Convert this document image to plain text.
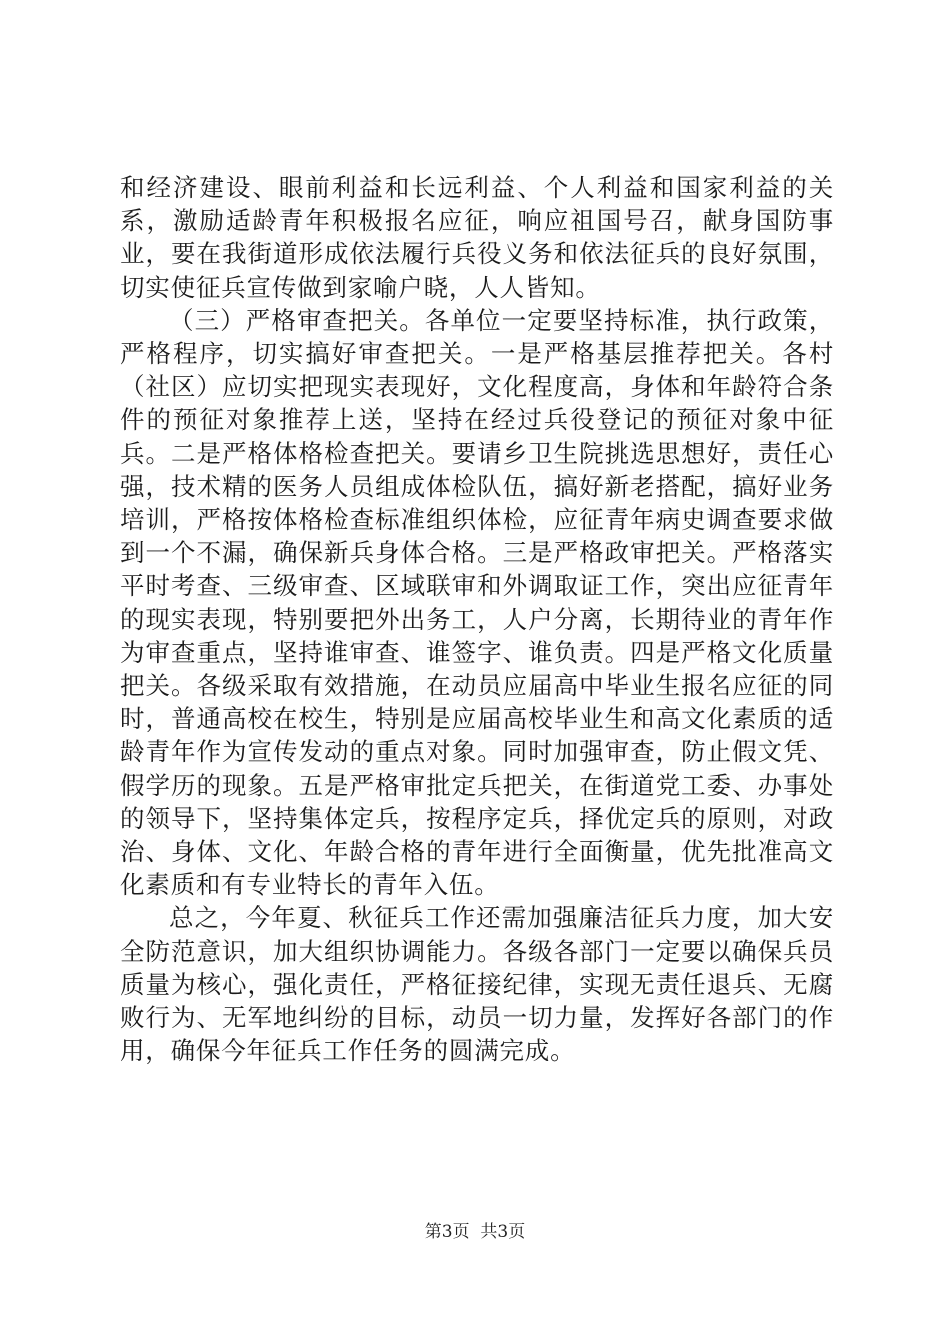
和经济建设、眼前利益和长远利益、个人利益和国家利益的关系，激励适龄青年积极报名应征，响应祖国号召，献身国防事业，要在我街道形成依法履行兵役义务和依法征兵的良好氛围，切实使征兵宣传做到家喻户晓，人人皆知。

（三）严格审查把关。各单位一定要坚持标准，执行政策，严格程序，切实搞好审查把关。一是严格基层推荐把关。各村（社区）应切实把现实表现好，文化程度高，身体和年龄符合条件的预征对象推荐上送，坚持在经过兵役登记的预征对象中征兵。二是严格体格检查把关。要请乡卫生院挑选思想好，责任心强，技术精的医务人员组成体检队伍，搞好新老搭配，搞好业务培训，严格按体格检查标准组织体检，应征青年病史调查要求做到一个不漏，确保新兵身体合格。三是严格政审把关。严格落实平时考查、三级审查、区域联审和外调取证工作，突出应征青年的现实表现，特别要把外出务工，人户分离，长期待业的青年作为审查重点，坚持谁审查、谁签字、谁负责。四是严格文化质量把关。各级采取有效措施，在动员应届高中毕业生报名应征的同时，普通高校在校生，特别是应届高校毕业生和高文化素质的适龄青年作为宣传发动的重点对象。同时加强审查，防止假文凭、假学历的现象。五是严格审批定兵把关，在街道党工委、办事处的领导下，坚持集体定兵，按程序定兵，择优定兵的原则，对政治、身体、文化、年龄合格的青年进行全面衡量，优先批准高文化素质和有专业特长的青年入伍。

总之，今年夏、秋征兵工作还需加强廉洁征兵力度，加大安全防范意识，加大组织协调能力。各级各部门一定要以确保兵员质量为核心，强化责任，严格征接纪律，实现无责任退兵、无腐败行为、无军地纠纷的目标，动员一切力量，发挥好各部门的作用，确保今年征兵工作任务的圆满完成。

第3页  共3页
